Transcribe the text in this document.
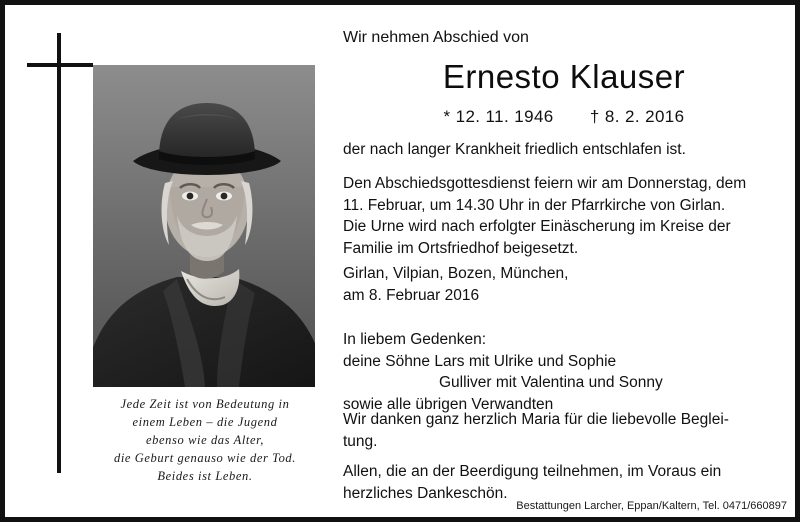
Jede Zeit ist von Bedeutung in
einem Leben – die Jugend
ebenso wie das Alter,
die Geburt genauso wie der Tod.
Beides ist Leben.
Wir nehmen Abschied von
Ernesto Klauser
* 12. 11. 1946 † 8. 2. 2016
der nach langer Krankheit friedlich entschlafen ist.
Den Abschiedsgottesdienst feiern wir am Donnerstag, dem
11. Februar, um 14.30 Uhr in der Pfarrkirche von Girlan.
Die Urne wird nach erfolgter Einäscherung im Kreise der
Familie im Ortsfriedhof beigesetzt.
Girlan, Vilpian, Bozen, München,
am 8. Februar 2016
In liebem Gedenken:
deine Söhne Lars mit Ulrike und Sophie
Gulliver mit Valentina und Sonny
sowie alle übrigen Verwandten
Wir danken ganz herzlich Maria für die liebevolle Beglei-
tung.
Allen, die an der Beerdigung teilnehmen, im Voraus ein
herzliches Dankeschön.
Bestattungen Larcher, Eppan/Kaltern, Tel. 0471/660897
